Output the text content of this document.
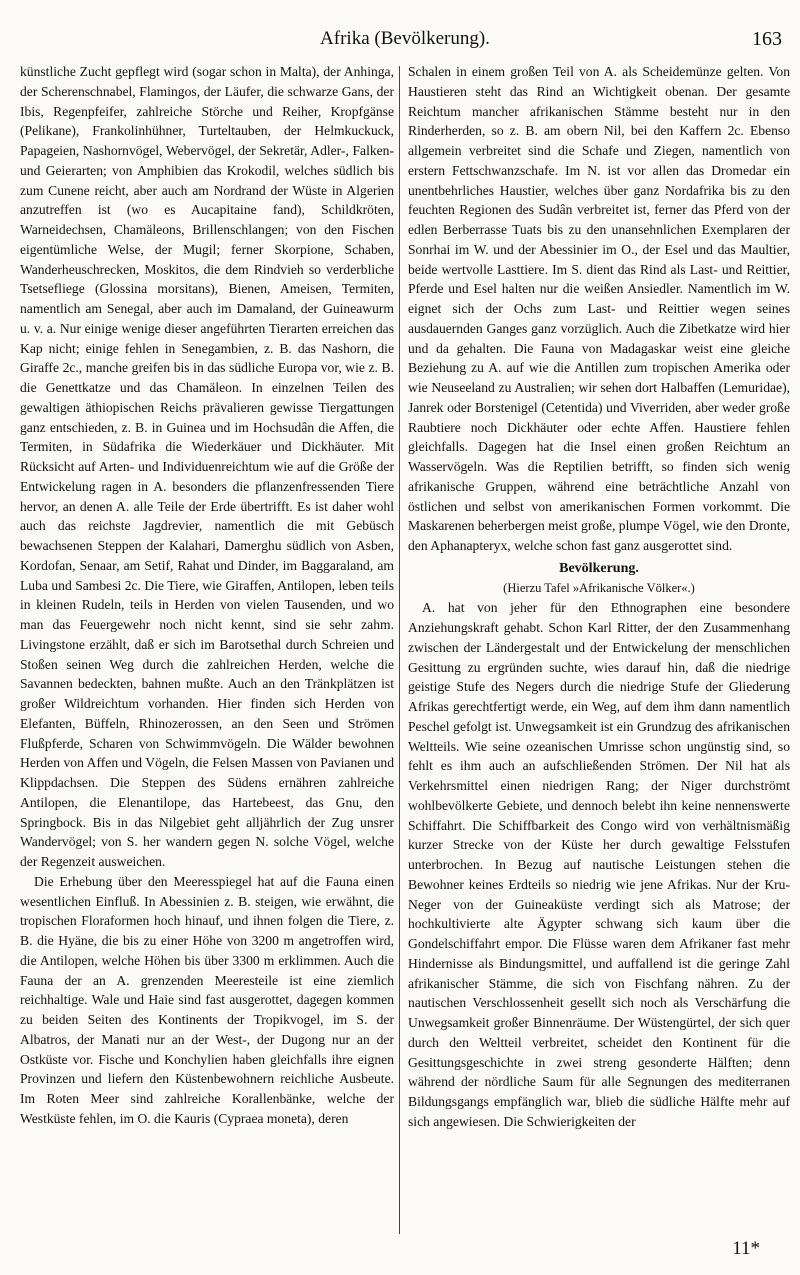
Afrika (Bevölkerung).	163

künstliche Zucht gepflegt wird (sogar schon in Malta), der Anhinga, der Scherenschnabel, Flamingos, der Läufer, die schwarze Gans, der Ibis, Regenpfeifer, zahlreiche Störche und Reiher, Kropfgänse (Pelikane), Frankolinhühner, Turteltauben, der Helmkuckuck, Papageien, Nashornvögel, Webervögel, der Sekretär, Adler-, Falken- und Geierarten; von Amphibien das Krokodil, welches südlich bis zum Cunene reicht, aber auch am Nordrand der Wüste in Algerien anzutreffen ist (wo es Aucapitaine fand), Schildkröten, Warneidechsen, Chamäleons, Brillenschlangen; von den Fischen eigentümliche Welse, der Mugil; ferner Skorpione, Schaben, Wanderheuschrecken, Moskitos, die dem Rindvieh so verderbliche Tsetsefliege (Glossina morsitans), Bienen, Ameisen, Termiten, namentlich am Senegal, aber auch im Damaland, der Guineawurm u. v. a. Nur einige wenige dieser angeführten Tierarten erreichen das Kap nicht; einige fehlen in Senegambien, z. B. das Nashorn, die Giraffe 2c., manche greifen bis in das südliche Europa vor, wie z. B. die Genettkatze und das Chamäleon. In einzelnen Teilen des gewaltigen äthiopischen Reichs prävalieren gewisse Tiergattungen ganz entschieden, z. B. in Guinea und im Hochsudân die Affen, die Termiten, in Südafrika die Wiederkäuer und Dickhäuter. Mit Rücksicht auf Arten- und Individuenreichtum wie auf die Größe der Entwickelung ragen in A. besonders die pflanzenfressenden Tiere hervor, an denen A. alle Teile der Erde übertrifft. Es ist daher wohl auch das reichste Jagdrevier, namentlich die mit Gebüsch bewachsenen Steppen der Kalahari, Damerghu südlich von Asben, Kordofan, Senaar, am Setif, Rahat und Dinder, im Baggaraland, am Luba und Sambesi 2c. Die Tiere, wie Giraffen, Antilopen, leben teils in kleinen Rudeln, teils in Herden von vielen Tausenden, und wo man das Feuergewehr noch nicht kennt, sind sie sehr zahm. Livingstone erzählt, daß er sich im Barotsethal durch Schreien und Stoßen seinen Weg durch die zahlreichen Herden, welche die Savannen bedeckten, bahnen mußte. Auch an den Tränkplätzen ist großer Wildreichtum vorhanden. Hier finden sich Herden von Elefanten, Büffeln, Rhinozerossen, an den Seen und Strömen Flußpferde, Scharen von Schwimmvögeln. Die Wälder bewohnen Herden von Affen und Vögeln, die Felsen Massen von Pavianen und Klippdachsen. Die Steppen des Südens ernähren zahlreiche Antilopen, die Elenantilope, das Hartebeest, das Gnu, den Springbock. Bis in das Nilgebiet geht alljährlich der Zug unsrer Wandervögel; von S. her wandern gegen N. solche Vögel, welche der Regenzeit ausweichen.

Die Erhebung über den Meeresspiegel hat auf die Fauna einen wesentlichen Einfluß. In Abessinien z. B. steigen, wie erwähnt, die tropischen Floraformen hoch hinauf, und ihnen folgen die Tiere, z. B. die Hyäne, die bis zu einer Höhe von 3200 m angetroffen wird, die Antilopen, welche Höhen bis über 3300 m erklimmen. Auch die Fauna der an A. grenzenden Meeresteile ist eine ziemlich reichhaltige. Wale und Haie sind fast ausgerottet, dagegen kommen zu beiden Seiten des Kontinents der Tropikvogel, im S. der Albatros, der Manati nur an der West-, der Dugong nur an der Ostküste vor. Fische und Konchylien haben gleichfalls ihre eignen Provinzen und liefern den Küstenbewohnern reichliche Ausbeute. Im Roten Meer sind zahlreiche Korallenbänke, welche der Westküste fehlen, im O. die Kauris (Cypraea moneta), deren

Schalen in einem großen Teil von A. als Scheidemünze gelten. Von Haustieren steht das Rind an Wichtigkeit obenan. Der gesamte Reichtum mancher afrikanischen Stämme besteht nur in den Rinderherden, so z. B. am obern Nil, bei den Kaffern 2c. Ebenso allgemein verbreitet sind die Schafe und Ziegen, namentlich von erstern Fettschwanzschafe. Im N. ist vor allen das Dromedar ein unentbehrliches Haustier, welches über ganz Nordafrika bis zu den feuchten Regionen des Sudân verbreitet ist, ferner das Pferd von der edlen Berberrasse Tuats bis zu den unansehnlichen Exemplaren der Sonrhai im W. und der Abessinier im O., der Esel und das Maultier, beide wertvolle Lasttiere. Im S. dient das Rind als Last- und Reittier, Pferde und Esel halten nur die weißen Ansiedler. Namentlich im W. eignet sich der Ochs zum Last- und Reittier wegen seines ausdauernden Ganges ganz vorzüglich. Auch die Zibetkatze wird hier und da gehalten. Die Fauna von Madagaskar weist eine gleiche Beziehung zu A. auf wie die Antillen zum tropischen Amerika oder wie Neuseeland zu Australien; wir sehen dort Halbaffen (Lemuridae), Janrek oder Borstenigel (Cetentida) und Viverriden, aber weder große Raubtiere noch Dickhäuter oder echte Affen. Haustiere fehlen gleichfalls. Dagegen hat die Insel einen großen Reichtum an Wasservögeln. Was die Reptilien betrifft, so finden sich wenig afrikanische Gruppen, während eine beträchtliche Anzahl von östlichen und selbst von amerikanischen Formen vorkommt. Die Maskarenen beherbergen meist große, plumpe Vögel, wie den Dronte, den Aphanapteryx, welche schon fast ganz ausgerottet sind.

Bevölkerung.

(Hierzu Tafel »Afrikanische Völker«.)

A. hat von jeher für den Ethnographen eine besondere Anziehungskraft gehabt. Schon Karl Ritter, der den Zusammenhang zwischen der Ländergestalt und der Entwickelung der menschlichen Gesittung zu ergründen suchte, wies darauf hin, daß die niedrige geistige Stufe des Negers durch die niedrige Stufe der Gliederung Afrikas gerechtfertigt werde, ein Weg, auf dem ihm dann namentlich Peschel gefolgt ist. Unwegsamkeit ist ein Grundzug des afrikanischen Weltteils. Wie seine ozeanischen Umrisse schon ungünstig sind, so fehlt es ihm auch an aufschließenden Strömen. Der Nil hat als Verkehrsmittel einen niedrigen Rang; der Niger durchströmt wohlbevölkerte Gebiete, und dennoch belebt ihn keine nennenswerte Schiffahrt. Die Schiffbarkeit des Congo wird von verhältnismäßig kurzer Strecke von der Küste her durch gewaltige Felsstufen unterbrochen. In Bezug auf nautische Leistungen stehen die Bewohner keines Erdteils so niedrig wie jene Afrikas. Nur der Kru-Neger von der Guineaküste verdingt sich als Matrose; der hochkultivierte alte Ägypter schwang sich kaum über die Gondelschiffahrt empor. Die Flüsse waren dem Afrikaner fast mehr Hindernisse als Bindungsmittel, und auffallend ist die geringe Zahl afrikanischer Stämme, die sich von Fischfang nähren. Zu der nautischen Verschlossenheit gesellt sich noch als Verschärfung die Unwegsamkeit großer Binnenräume. Der Wüstengürtel, der sich quer durch den Weltteil verbreitet, scheidet den Kontinent für die Gesittungsgeschichte in zwei streng gesonderte Hälften; denn während der nördliche Saum für alle Segnungen des mediterranen Bildungsgangs empfänglich war, blieb die südliche Hälfte mehr auf sich angewiesen. Die Schwierigkeiten der

11*
